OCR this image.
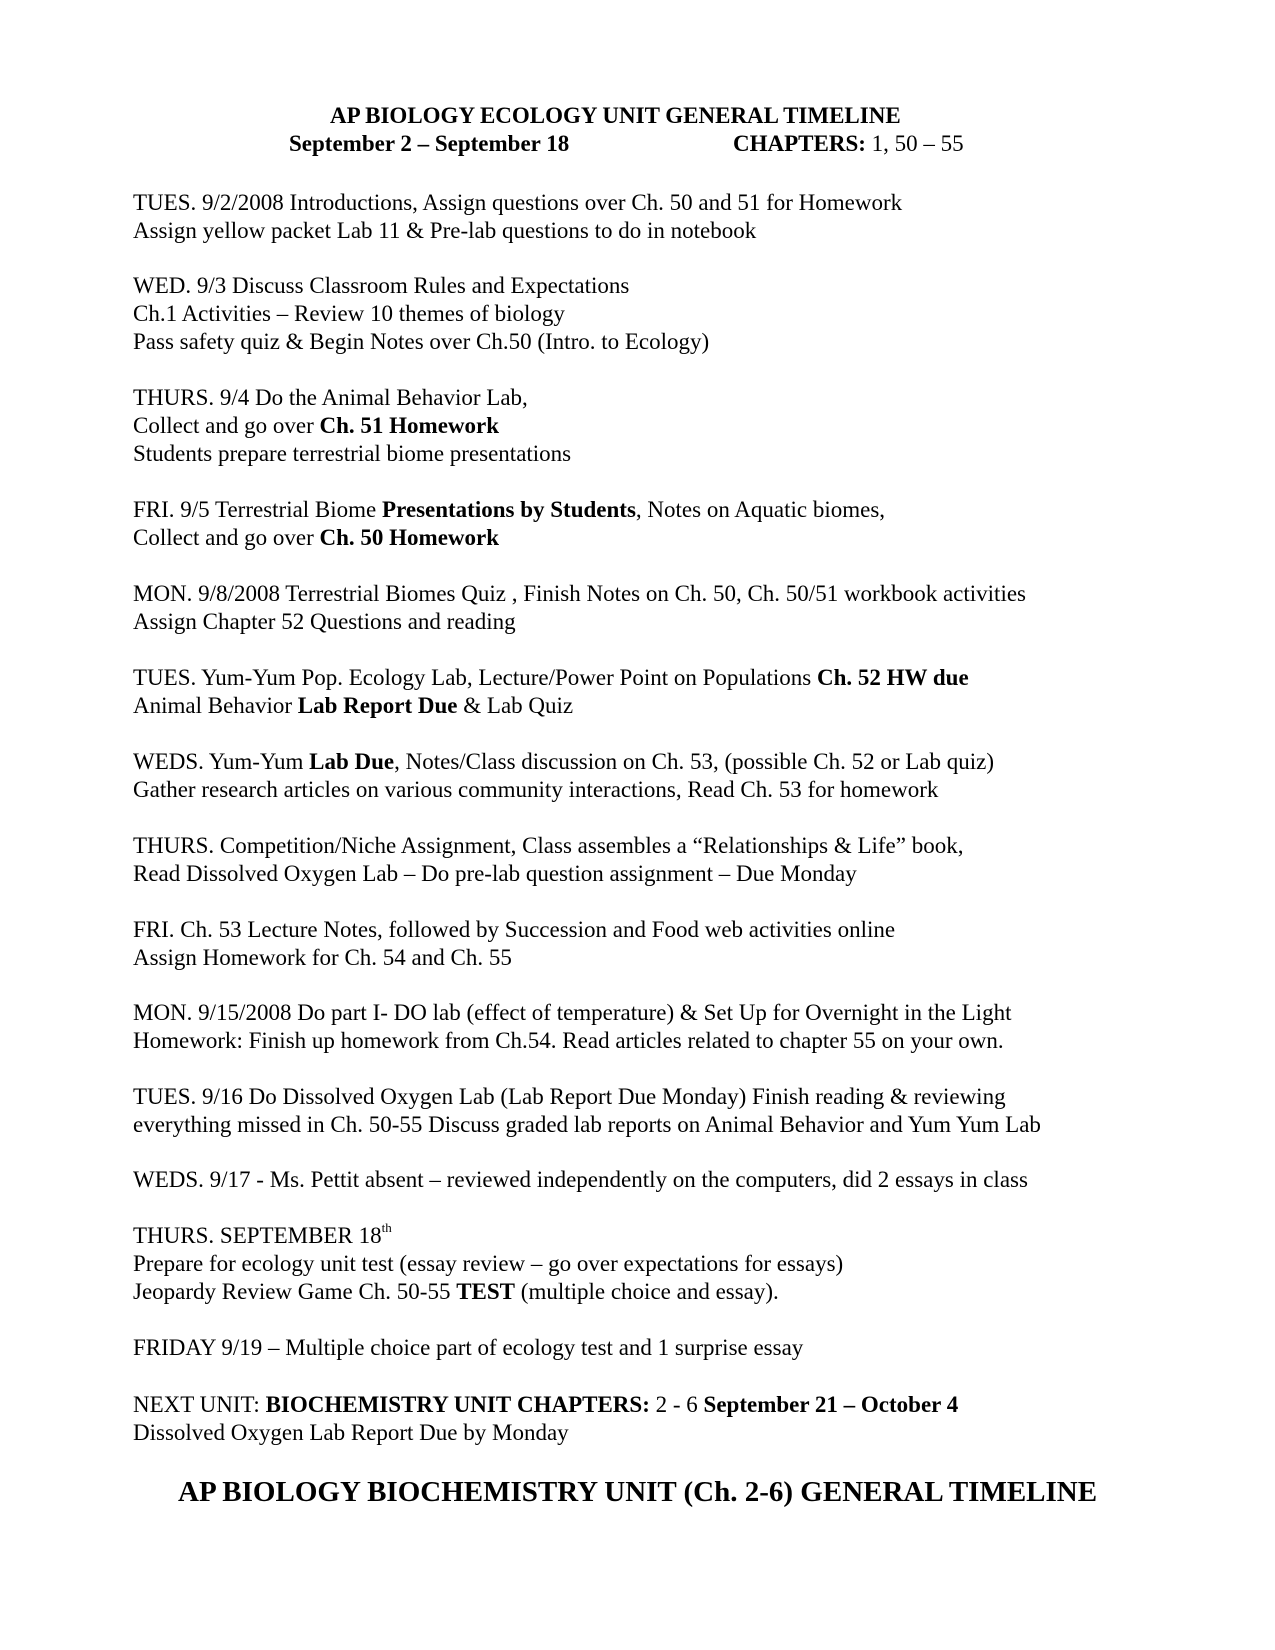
AP BIOLOGY ECOLOGY UNIT GENERAL TIMELINE
September 2 – September 18	CHAPTERS: 1, 50 – 55
TUES. 9/2/2008 Introductions, Assign questions over Ch. 50 and 51 for Homework
Assign yellow packet Lab 11 & Pre-lab questions to do in notebook
WED. 9/3 Discuss Classroom Rules and Expectations
Ch.1 Activities – Review 10 themes of biology
Pass safety quiz & Begin Notes over Ch.50 (Intro. to Ecology)
THURS. 9/4 Do the Animal Behavior Lab,
Collect and go over Ch. 51 Homework
Students prepare terrestrial biome presentations
FRI. 9/5 Terrestrial Biome Presentations by Students, Notes on Aquatic biomes,
Collect and go over Ch. 50 Homework
MON. 9/8/2008 Terrestrial Biomes Quiz , Finish Notes on Ch. 50, Ch. 50/51 workbook activities
Assign Chapter 52 Questions and reading
TUES. Yum-Yum Pop. Ecology Lab, Lecture/Power Point on Populations Ch. 52 HW due
Animal Behavior Lab Report Due & Lab Quiz
WEDS. Yum-Yum Lab Due, Notes/Class discussion on Ch. 53, (possible Ch. 52 or Lab quiz)
Gather research articles on various community interactions, Read Ch. 53 for homework
THURS. Competition/Niche Assignment, Class assembles a “Relationships & Life” book,
Read Dissolved Oxygen Lab – Do pre-lab question assignment – Due Monday
FRI. Ch. 53 Lecture Notes, followed by Succession and Food web activities online
Assign Homework for Ch. 54 and Ch. 55
MON. 9/15/2008 Do part I- DO lab (effect of temperature) & Set Up for Overnight in the Light
Homework: Finish up homework from Ch.54. Read articles related to chapter 55 on your own.
TUES. 9/16 Do Dissolved Oxygen Lab (Lab Report Due Monday) Finish reading & reviewing
everything missed in Ch. 50-55 Discuss graded lab reports on Animal Behavior and Yum Yum Lab
WEDS. 9/17 - Ms. Pettit absent – reviewed independently on the computers, did 2 essays in class
THURS. SEPTEMBER 18th
Prepare for ecology unit test (essay review – go over expectations for essays)
Jeopardy Review Game Ch. 50-55 TEST (multiple choice and essay).
FRIDAY 9/19 – Multiple choice part of ecology test and 1 surprise essay
NEXT UNIT: BIOCHEMISTRY UNIT CHAPTERS: 2 - 6 September 21 – October 4
Dissolved Oxygen Lab Report Due by Monday
AP BIOLOGY BIOCHEMISTRY UNIT (Ch. 2-6) GENERAL TIMELINE
